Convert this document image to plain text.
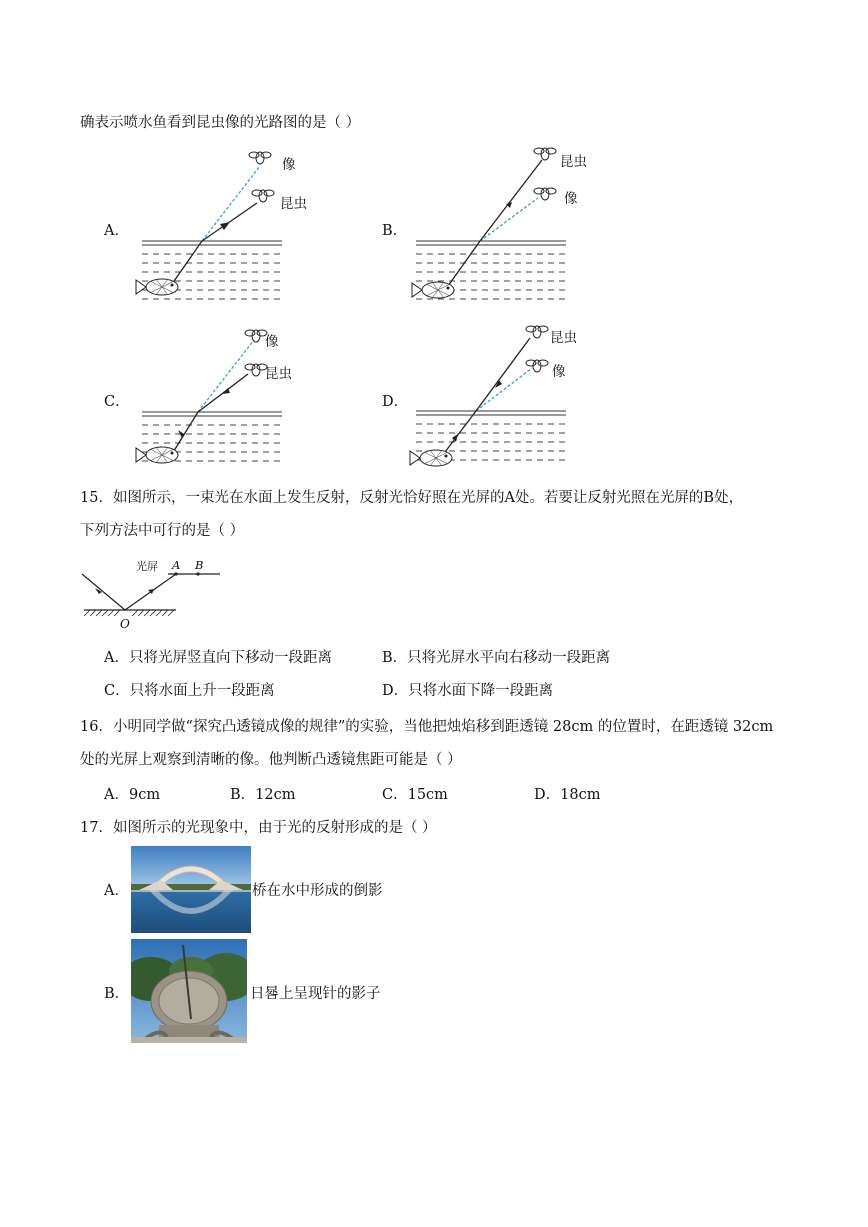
确表示喷水鱼看到昆虫像的光路图的是（ ）
A．
像
昆虫
B．
昆虫
像
C．
像
昆虫
D．
昆虫
像
15．如图所示，一束光在水面上发生反射，反射光恰好照在光屏的A处。若要让反射光照在光屏的B处，
下列方法中可行的是（ ）
光屏 A B
O
A．只将光屏竖直向下移动一段距离	B．只将光屏水平向右移动一段距离
C．只将水面上升一段距离	D．只将水面下降一段距离
16．小明同学做“探究凸透镜成像的规律”的实验，当他把烛焰移到距透镜 28cm 的位置时，在距透镜 32cm
处的光屏上观察到清晰的像。他判断凸透镜焦距可能是（ ）
A．9cm	B．12cm	C．15cm	D．18cm
17．如图所示的光现象中，由于光的反射形成的是（ ）
A．	桥在水中形成的倒影
B．	日晷上呈现针的影子
